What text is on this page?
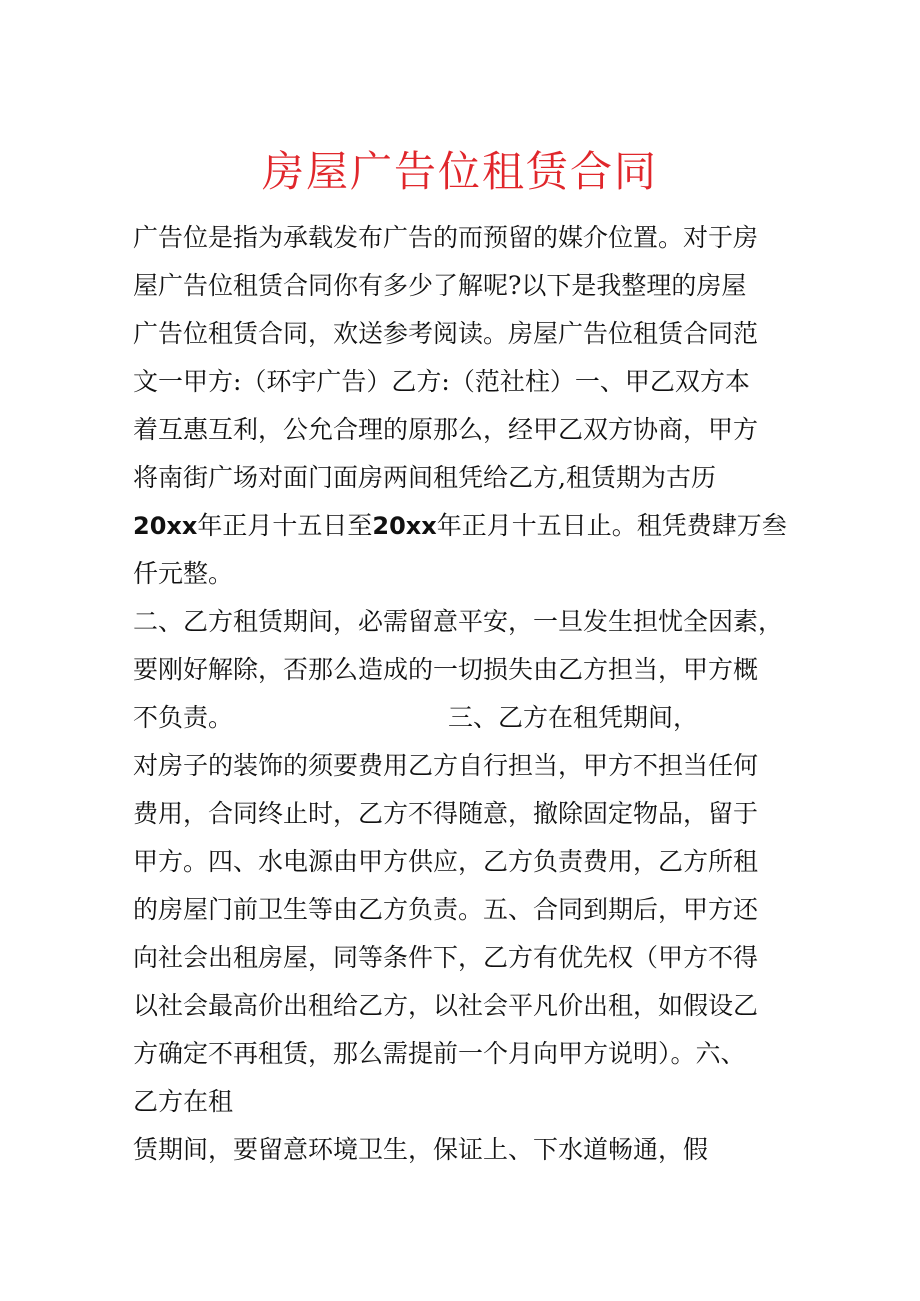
房屋广告位租赁合同
广告位是指为承载发布广告的而预留的媒介位置。对于房
屋广告位租赁合同你有多少了解呢?以下是我整理的房屋
广告位租赁合同，欢送参考阅读。房屋广告位租赁合同范
文一甲方:（环宇广告）乙方:（范社柱）一、甲乙双方本
着互惠互利，公允合理的原那么，经甲乙双方协商，甲方
将南街广场对面门面房两间租凭给乙方,租赁期为古历
20xx年正月十五日至20xx年正月十五日止。租凭费肆万叁
仟元整。
二、乙方租赁期间，必需留意平安，一旦发生担忧全因素，
要刚好解除，否那么造成的一切损失由乙方担当，甲方概
不负责。	三、乙方在租凭期间，
对房子的装饰的须要费用乙方自行担当，甲方不担当任何
费用，合同终止时，乙方不得随意，撤除固定物品，留于
甲方。四、水电源由甲方供应，乙方负责费用，乙方所租
的房屋门前卫生等由乙方负责。五、合同到期后，甲方还
向社会出租房屋，同等条件下，乙方有优先权（甲方不得
以社会最高价出租给乙方，以社会平凡价出租，如假设乙
方确定不再租赁，那么需提前一个月向甲方说明）。六、
乙方在租
赁期间，要留意环境卫生，保证上、下水道畅通，假
